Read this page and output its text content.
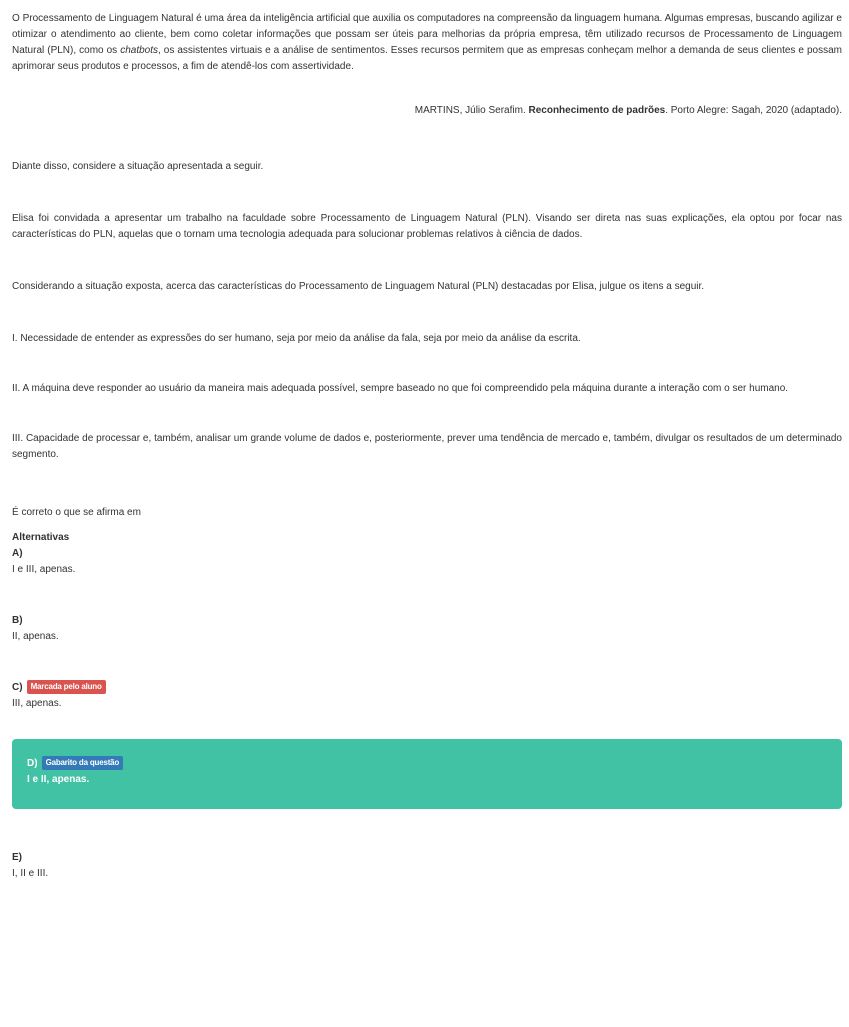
O Processamento de Linguagem Natural é uma área da inteligência artificial que auxilia os computadores na compreensão da linguagem humana. Algumas empresas, buscando agilizar e otimizar o atendimento ao cliente, bem como coletar informações que possam ser úteis para melhorias da própria empresa, têm utilizado recursos de Processamento de Linguagem Natural (PLN), como os chatbots, os assistentes virtuais e a análise de sentimentos. Esses recursos permitem que as empresas conheçam melhor a demanda de seus clientes e possam aprimorar seus produtos e processos, a fim de atendê-los com assertividade.

MARTINS, Júlio Serafim. Reconhecimento de padrões. Porto Alegre: Sagah, 2020 (adaptado).

Diante disso, considere a situação apresentada a seguir.

Elisa foi convidada a apresentar um trabalho na faculdade sobre Processamento de Linguagem Natural (PLN). Visando ser direta nas suas explicações, ela optou por focar nas características do PLN, aquelas que o tornam uma tecnologia adequada para solucionar problemas relativos à ciência de dados.

Considerando a situação exposta, acerca das características do Processamento de Linguagem Natural (PLN) destacadas por Elisa, julgue os itens a seguir.

I. Necessidade de entender as expressões do ser humano, seja por meio da análise da fala, seja por meio da análise da escrita.

II. A máquina deve responder ao usuário da maneira mais adequada possível, sempre baseado no que foi compreendido pela máquina durante a interação com o ser humano.

III. Capacidade de processar e, também, analisar um grande volume de dados e, posteriormente, prever uma tendência de mercado e, também, divulgar os resultados de um determinado segmento.

É correto o que se afirma em

Alternativas
A)
I e III, apenas.
B)
II, apenas.
C) Marcada pelo aluno
III, apenas.
D) Gabarito da questão
I e II, apenas.
E)
I, II e III.
